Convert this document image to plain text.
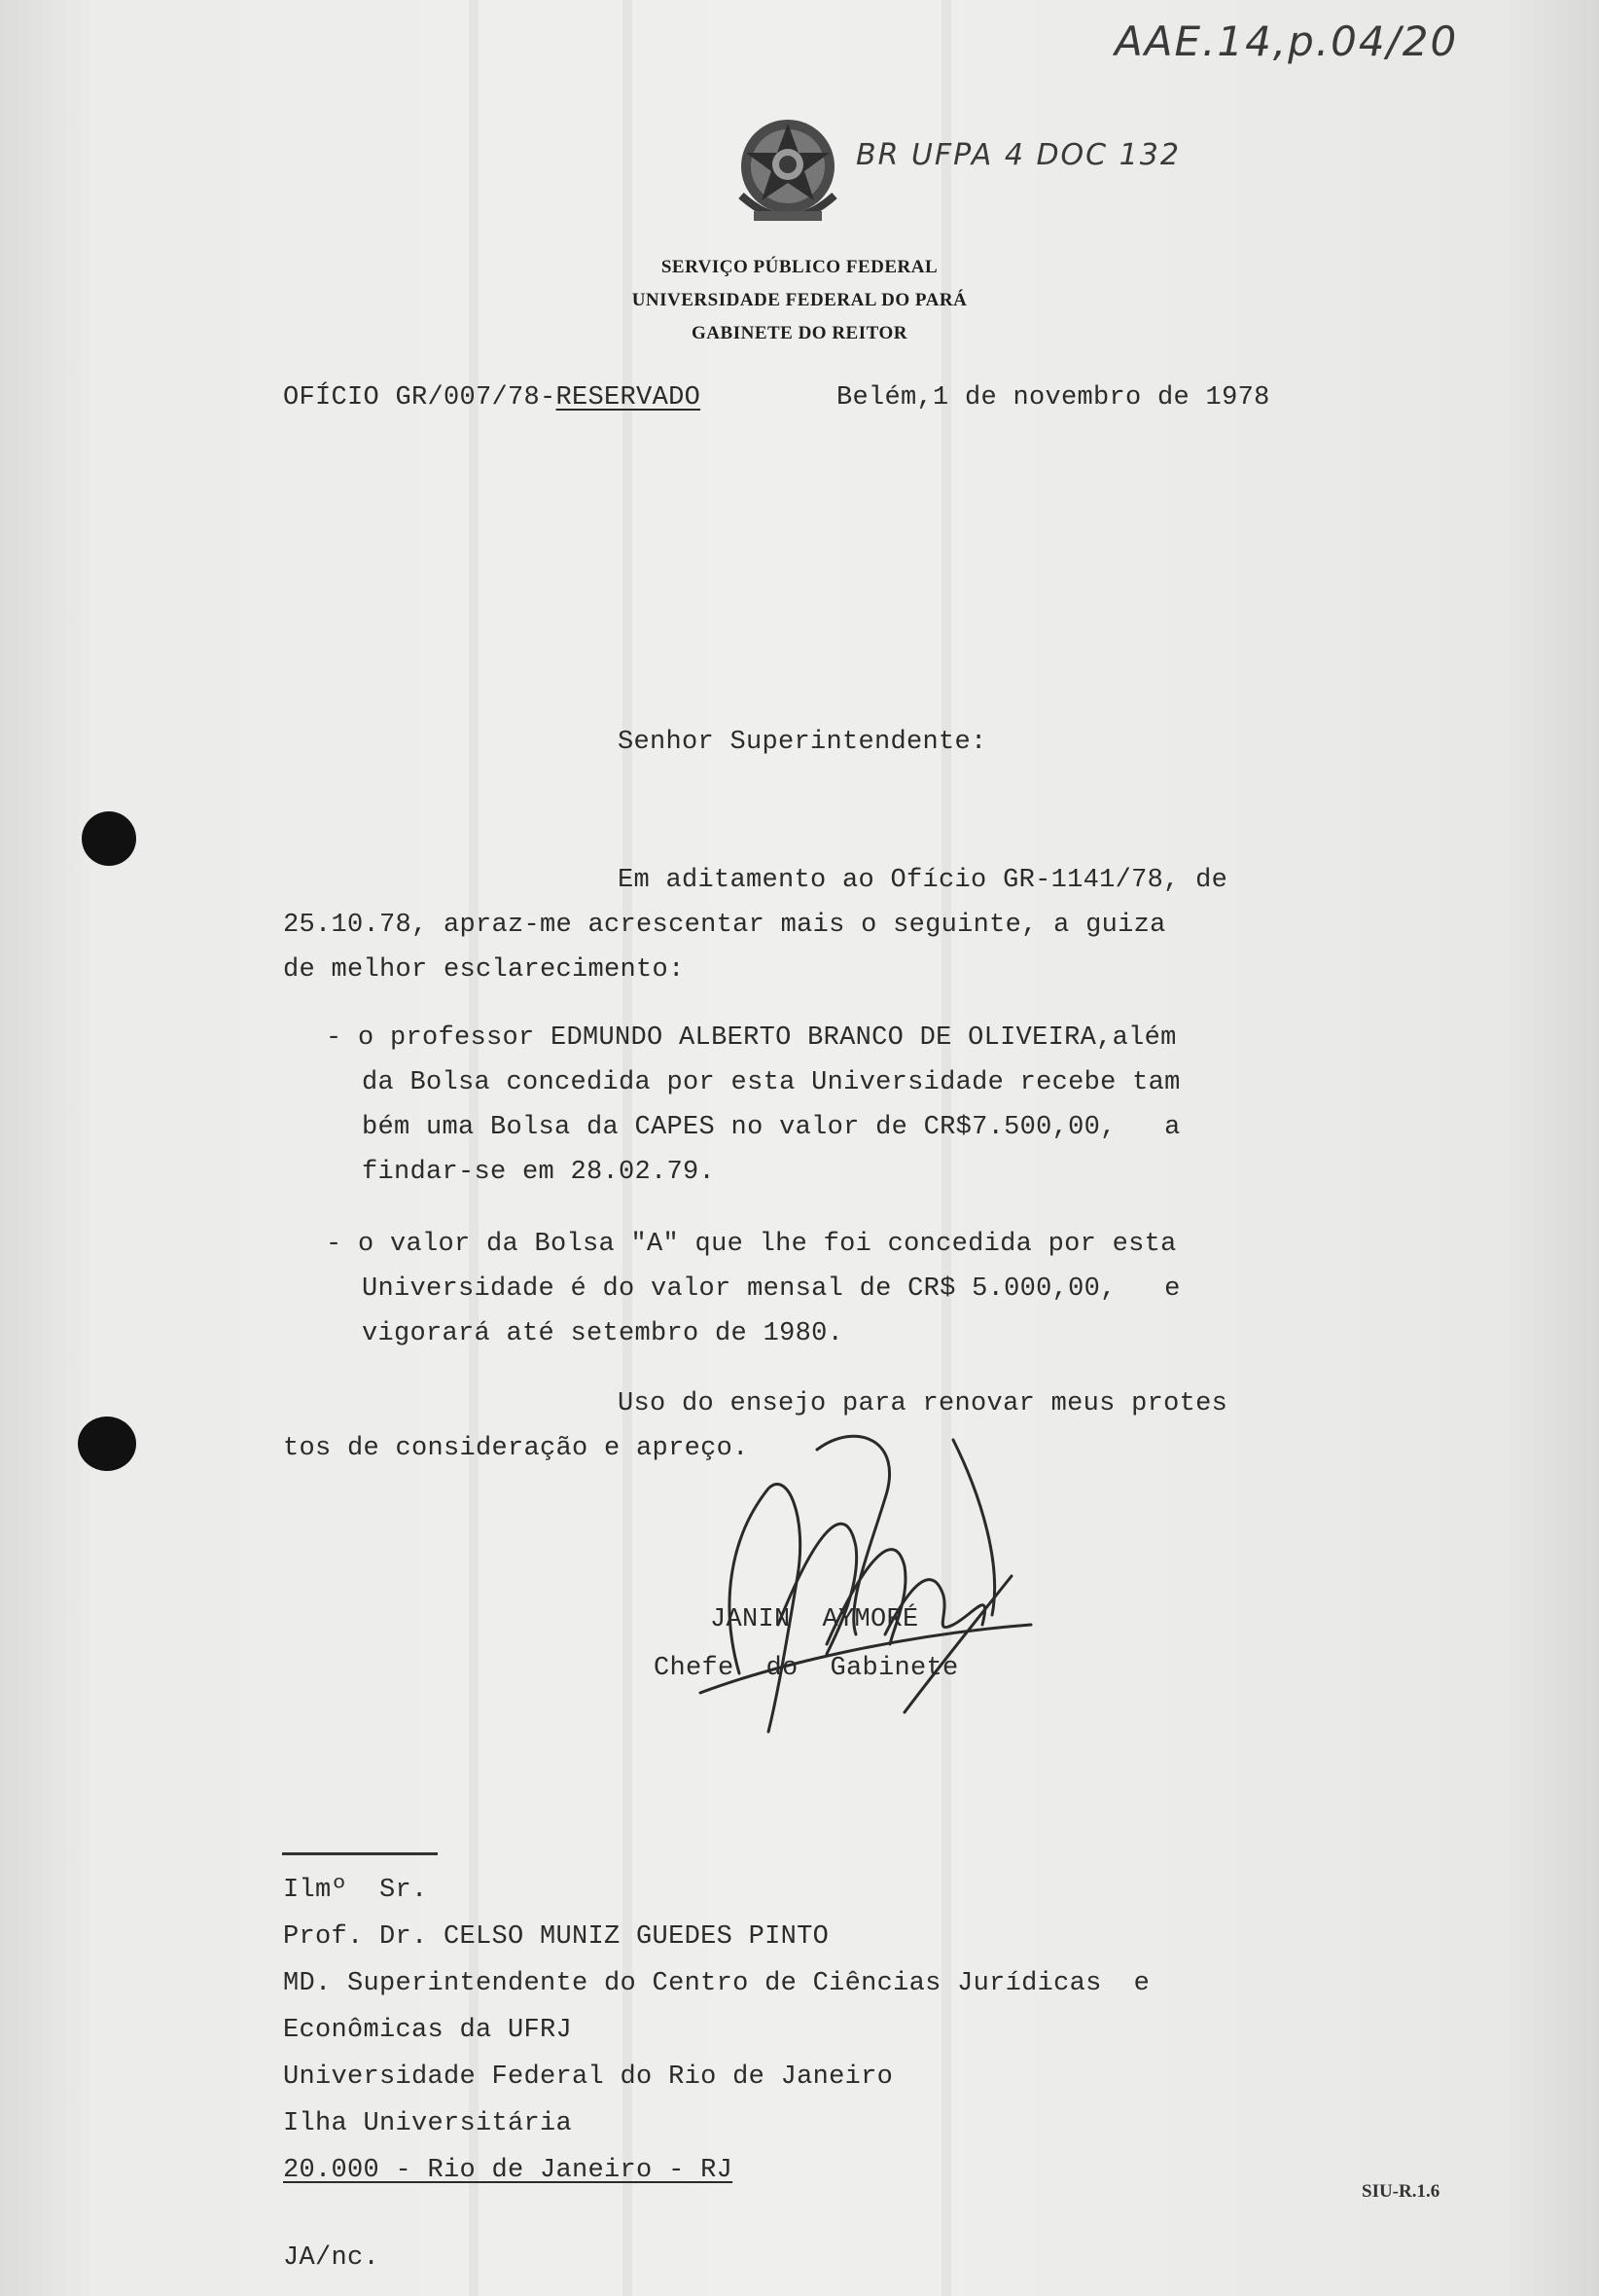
AAE.14,p.04/20
BR UFPA 4 DOC 132
SERVIÇO PÚBLICO FEDERAL
UNIVERSIDADE FEDERAL DO PARÁ
GABINETE DO REITOR
OFÍCIO GR/007/78-RESERVADO	Belém,1 de novembro de 1978
Senhor Superintendente:
Em aditamento ao Ofício GR-1141/78, de
25.10.78, apraz-me acrescentar mais o seguinte, a guiza
de melhor esclarecimento:
- o professor EDMUNDO ALBERTO BRANCO DE OLIVEIRA,além
da Bolsa concedida por esta Universidade recebe tam
bém uma Bolsa da CAPES no valor de CR$7.500,00,   a
findar-se em 28.02.79.
- o valor da Bolsa "A" que lhe foi concedida por esta
Universidade é do valor mensal de CR$ 5.000,00,   e
vigorará até setembro de 1980.
Uso do ensejo para renovar meus protes
tos de consideração e apreço.
JANIN  AYMORÉ
Chefe  do  Gabinete
Ilmº  Sr.
Prof. Dr. CELSO MUNIZ GUEDES PINTO
MD. Superintendente do Centro de Ciências Jurídicas  e
Econômicas da UFRJ
Universidade Federal do Rio de Janeiro
Ilha Universitária
20.000 - Rio de Janeiro - RJ
SIU-R.1.6
JA/nc.
